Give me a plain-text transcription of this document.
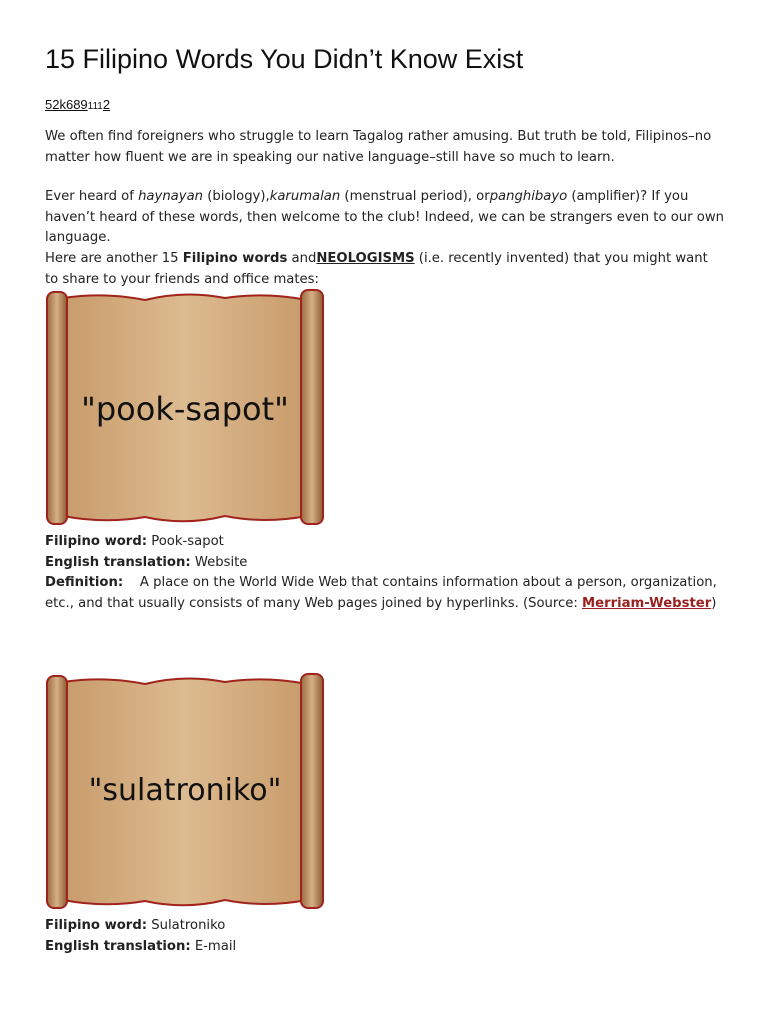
15 Filipino Words You Didn’t Know Exist
52k6891112

We often find foreigners who struggle to learn Tagalog rather amusing. But truth be told, Filipinos–no matter how fluent we are in speaking our native language–still have so much to learn.

Ever heard of haynayan (biology),karumalan (menstrual period), orpanghibayo (amplifier)? If you haven’t heard of these words, then welcome to the club! Indeed, we can be strangers even to our own language.

Here are another 15 Filipino words andNEOLOGISMS (i.e. recently invented) that you might want to share to your friends and office mates:

"pook-sapot"
Filipino word: Pook-sapot
English translation: Website
Definition: A place on the World Wide Web that contains information about a person, organization, etc., and that usually consists of many Web pages joined by hyperlinks. (Source: Merriam-Webster)
"sulatroniko"
Filipino word: Sulatroniko
English translation: E-mail
